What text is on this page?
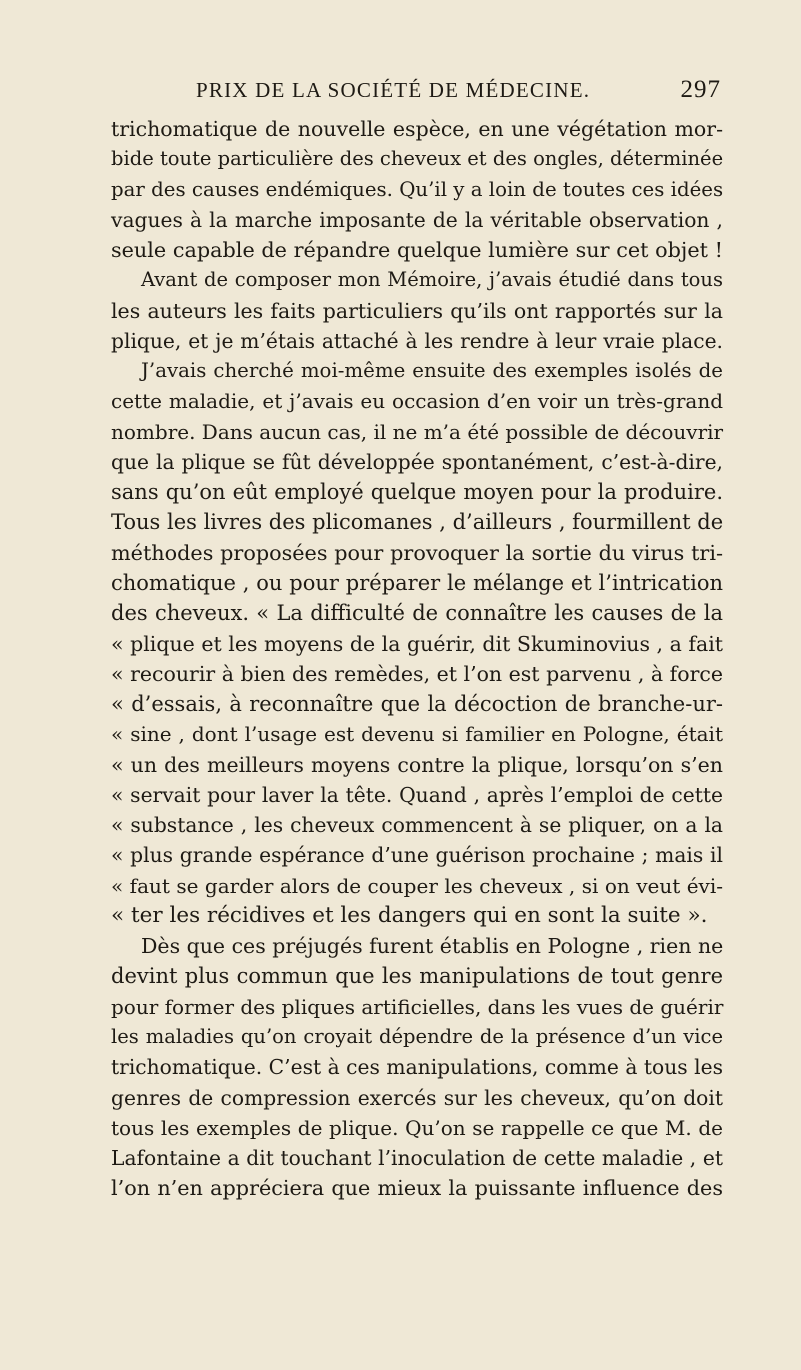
PRIX DE LA SOCIÉTÉ DE MÉDECINE.	297
trichomatique de nouvelle espèce, en une végétation mor-
bide toute particulière des cheveux et des ongles, déterminée
par des causes endémiques. Qu’il y a loin de toutes ces idées
vagues à la marche imposante de la véritable observation ,
seule capable de répandre quelque lumière sur cet objet !
Avant de composer mon Mémoire, j’avais étudié dans tous
les auteurs les faits particuliers qu’ils ont rapportés sur la
plique, et je m’étais attaché à les rendre à leur vraie place.
J’avais cherché moi-même ensuite des exemples isolés de
cette maladie, et j’avais eu occasion d’en voir un très-grand
nombre. Dans aucun cas, il ne m’a été possible de découvrir
que la plique se fût développée spontanément, c’est-à-dire,
sans qu’on eût employé quelque moyen pour la produire.
Tous les livres des plicomanes , d’ailleurs , fourmillent de
méthodes proposées pour provoquer la sortie du virus tri-
chomatique , ou pour préparer le mélange et l’intrication
des cheveux. « La difficulté de connaître les causes de la
« plique et les moyens de la guérir, dit Skuminovius , a fait
« recourir à bien des remèdes, et l’on est parvenu , à force
« d’essais, à reconnaître que la décoction de branche-ur-
« sine , dont l’usage est devenu si familier en Pologne, était
« un des meilleurs moyens contre la plique, lorsqu’on s’en
« servait pour laver la tête. Quand , après l’emploi de cette
« substance , les cheveux commencent à se pliquer, on a la
« plus grande espérance d’une guérison prochaine ; mais il
« faut se garder alors de couper les cheveux , si on veut évi-
« ter les récidives et les dangers qui en sont la suite ».
Dès que ces préjugés furent établis en Pologne , rien ne
devint plus commun que les manipulations de tout genre
pour former des pliques artificielles, dans les vues de guérir
les maladies qu’on croyait dépendre de la présence d’un vice
trichomatique. C’est à ces manipulations, comme à tous les
genres de compression exercés sur les cheveux, qu’on doit
tous les exemples de plique. Qu’on se rappelle ce que M. de
Lafontaine a dit touchant l’inoculation de cette maladie , et
l’on n’en appréciera que mieux la puissante influence des
